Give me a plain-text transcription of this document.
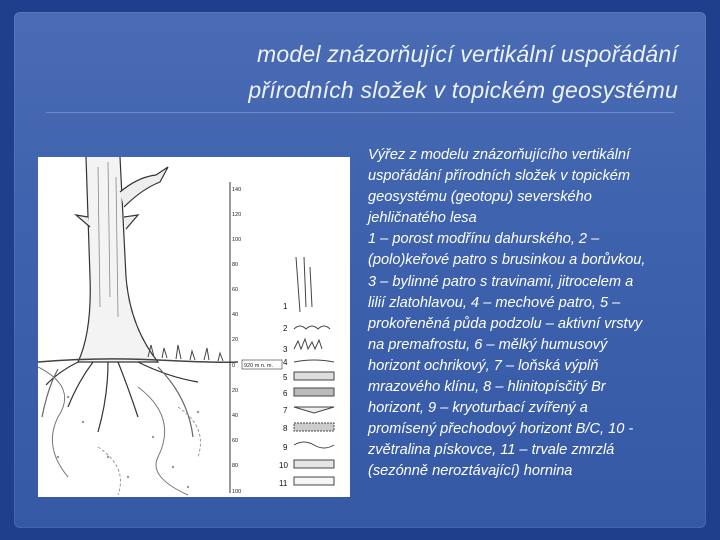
model znázorňující vertikální uspořádání
přírodních složek v topickém geosystému
140
120
100
80
60
40
20
0
20
40
60
80
100
920 m n. m.
1
2
3
4
5
6
7
8
9
10
11
Výřez z modelu znázorňujícího vertikální
uspořádání přírodních složek v topickém
geosystému (geotopu) severského
jehličnatého lesa
1 – porost modřínu dahurského, 2 –
(polo)keřové patro s brusinkou a borůvkou,
3 – bylinné patro s travinami, jitrocelem a
lilií zlatohlavou, 4 – mechové patro, 5 –
prokořeněná půda podzolu – aktivní vrstvy
na premafrostu, 6 – mělký humusový
horizont ochrikový, 7 – loňská výplň
mrazového klínu, 8 – hlinitopísčitý Br
horizont, 9 – kryoturbací zvířený a
promísený přechodový horizont B/C, 10 -
zvětralina pískovce, 11 – trvale zmrzlá
(sezónně neroztávající) hornina
